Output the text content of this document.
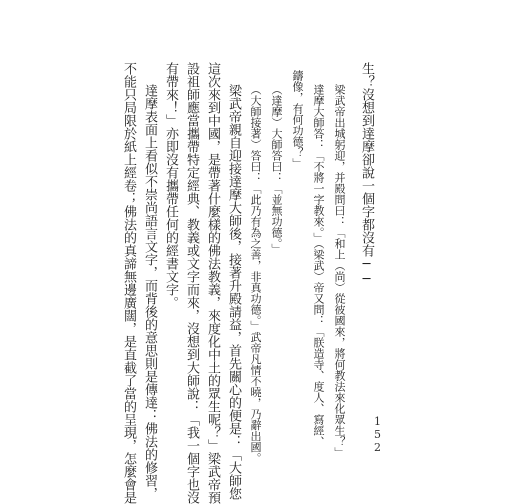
生？沒想到達摩卻說一個字都沒有──
梁武帝出城躬迎，并殿問曰：「和上（尚）從彼國來，將何教法來化眾生？」
達摩大師答：「不將一字教來。」（梁武）帝又問：「朕造寺、度人、寫經、
鑄像，有何功德？」
（達摩）大師答曰：「並無功德。」
（大師接著）答曰：「此乃有為之善，非真功德。」武帝凡情不曉，乃辭出國。
梁武帝親自迎接達摩大師後，接著升殿請益，首先關心的便是：「大師您
這次來到中國，是帶著什麼樣的佛法教義，來度化中土的眾生呢？」梁武帝預
設祖師應當攜帶特定經典、教義或文字而來，沒想到大師說：「我一個字也沒
有帶來！」亦即沒有攜帶任何的經書文字。
達摩表面上看似不崇尚語言文字，而背後的意思則是傳達：佛法的修習，
不能只局限於紙上經卷；佛法的真諦無邊廣闊，是直截了當的呈現，怎麼會是	152
